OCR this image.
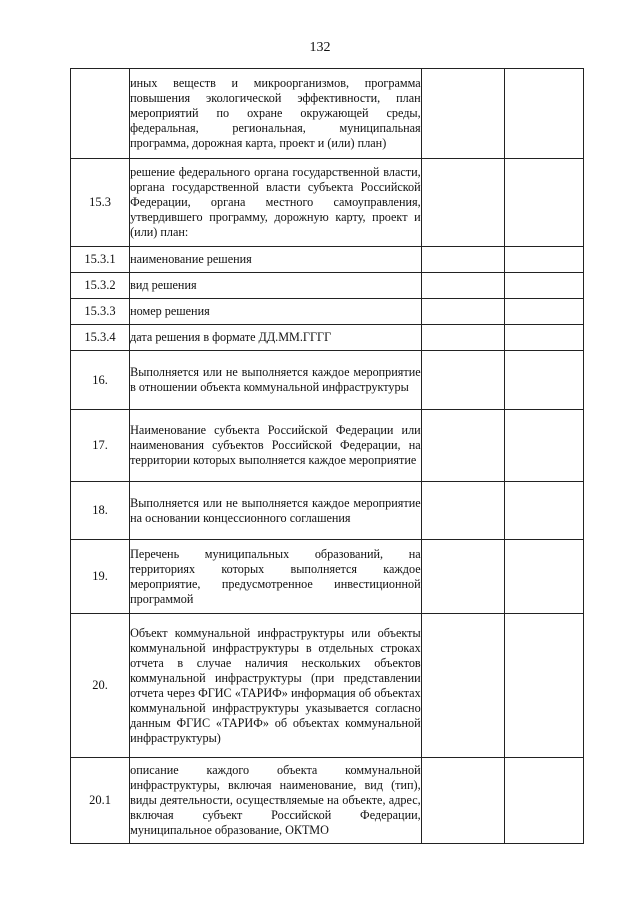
132
	иных веществ и микроорганизмов, программа повышения экологической эффективности, план мероприятий по охране окружающей среды, федеральная, региональная, муниципальная программа, дорожная карта, проект и (или) план)		
15.3	решение федерального органа государственной власти, органа государственной власти субъекта Российской Федерации, органа местного самоуправления, утвердившего программу, дорожную карту, проект и (или) план:		
15.3.1	наименование решения		
15.3.2	вид решения		
15.3.3	номер решения		
15.3.4	дата решения в формате ДД.ММ.ГГГГ		
16.	Выполняется или не выполняется каждое мероприятие в отношении объекта коммунальной инфраструктуры		
17.	Наименование субъекта Российской Федерации или наименования субъектов Российской Федерации, на территории которых выполняется каждое мероприятие		
18.	Выполняется или не выполняется каждое мероприятие на основании концессионного соглашения		
19.	Перечень муниципальных образований, на территориях которых выполняется каждое мероприятие, предусмотренное инвестиционной программой		
20.	Объект коммунальной инфраструктуры или объекты коммунальной инфраструктуры в отдельных строках отчета в случае наличия нескольких объектов коммунальной инфраструктуры (при представлении отчета через ФГИС «ТАРИФ» информация об объектах коммунальной инфраструктуры указывается согласно данным ФГИС «ТАРИФ» об объектах коммунальной инфраструктуры)		
20.1	описание каждого объекта коммунальной инфраструктуры, включая наименование, вид (тип), виды деятельности, осуществляемые на объекте, адрес, включая субъект Российской Федерации, муниципальное образование, ОКТМО		
